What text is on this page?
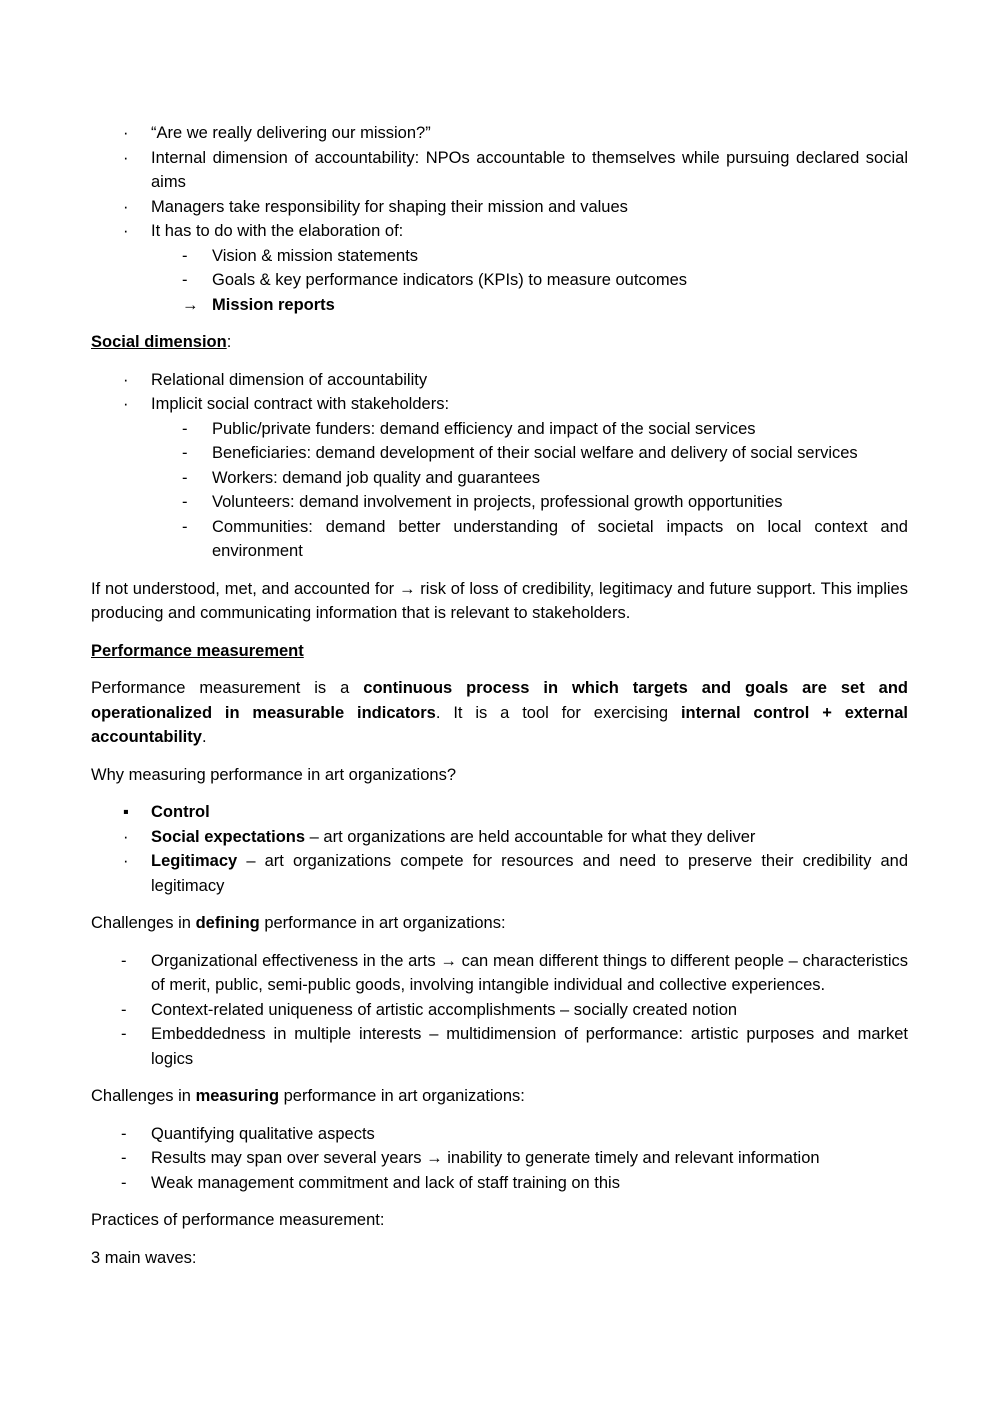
·	“Are we really delivering our mission?”
·	Internal dimension of accountability: NPOs accountable to themselves while pursuing declared social aims
·	Managers take responsibility for shaping their mission and values
·	It has to do with the elaboration of:
-	Vision & mission statements
-	Goals & key performance indicators (KPIs) to measure outcomes
→ Mission reports
Social dimension:
·	Relational dimension of accountability
·	Implicit social contract with stakeholders:
-	Public/private funders: demand efficiency and impact of the social services
-	Beneficiaries: demand development of their social welfare and delivery of social services
-	Workers: demand job quality and guarantees
-	Volunteers: demand involvement in projects, professional growth opportunities
-	Communities: demand better understanding of societal impacts on local context and environment
If not understood, met, and accounted for → risk of loss of credibility, legitimacy and future support. This implies producing and communicating information that is relevant to stakeholders.
Performance measurement
Performance measurement is a continuous process in which targets and goals are set and operationalized in measurable indicators. It is a tool for exercising internal control + external accountability.
Why measuring performance in art organizations?
▪	Control
·	Social expectations – art organizations are held accountable for what they deliver
·	Legitimacy – art organizations compete for resources and need to preserve their credibility and legitimacy
Challenges in defining performance in art organizations:
-	Organizational effectiveness in the arts → can mean different things to different people – characteristics of merit, public, semi-public goods, involving intangible individual and collective experiences.
-	Context-related uniqueness of artistic accomplishments – socially created notion
-	Embeddedness in multiple interests – multidimension of performance: artistic purposes and market logics
Challenges in measuring performance in art organizations:
-	Quantifying qualitative aspects
-	Results may span over several years → inability to generate timely and relevant information
-	Weak management commitment and lack of staff training on this
Practices of performance measurement:
3 main waves:
